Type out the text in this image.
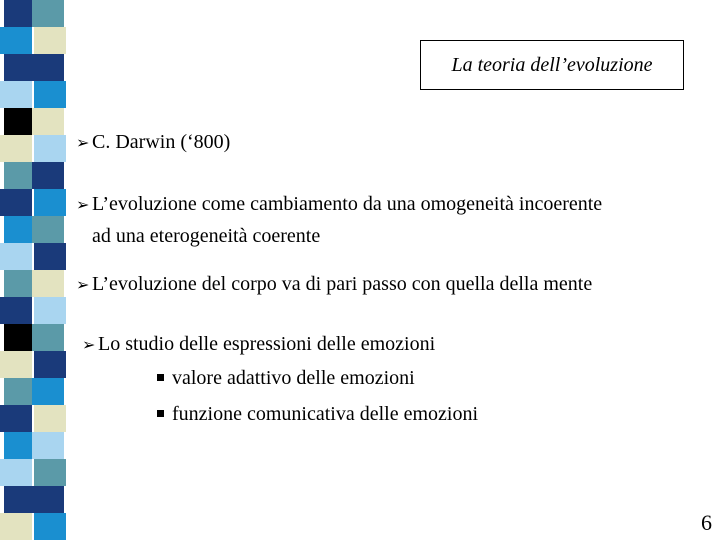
La teoria dell’evoluzione
➢ C. Darwin (‘800)
➢ L’evoluzione come cambiamento da una omogeneità incoerente
ad una eterogeneità coerente
➢ L’evoluzione del corpo va di pari passo con quella della mente
➢ Lo studio delle espressioni delle emozioni
valore adattivo delle emozioni
funzione comunicativa delle emozioni
6
